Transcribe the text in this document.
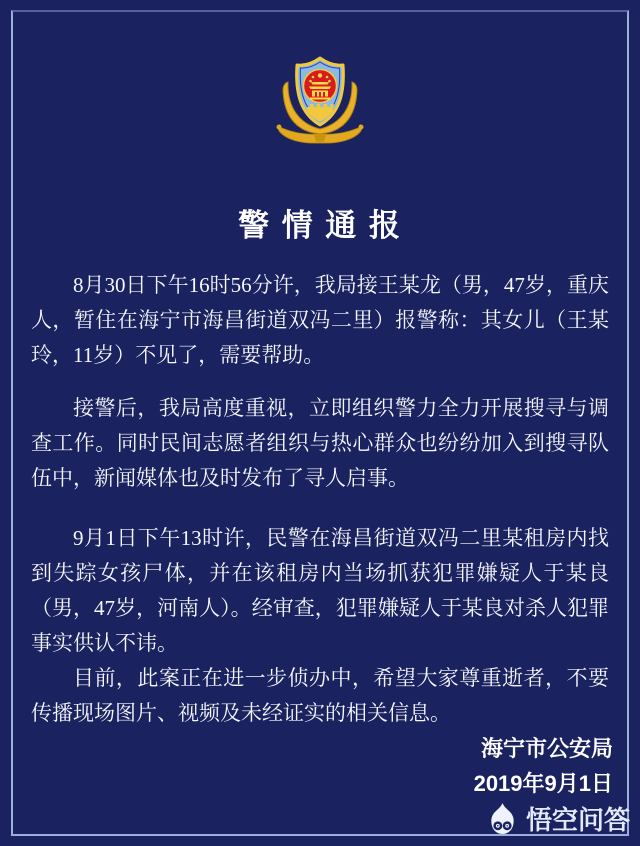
警 情 通 报

8月30日下午16时56分许，我局接王某龙（男，47岁，重庆人，暂住在海宁市海昌街道双冯二里）报警称：其女儿（王某玲，11岁）不见了，需要帮助。

接警后，我局高度重视，立即组织警力全力开展搜寻与调查工作。同时民间志愿者组织与热心群众也纷纷加入到搜寻队伍中，新闻媒体也及时发布了寻人启事。

9月1日下午13时许，民警在海昌街道双冯二里某租房内找到失踪女孩尸体，并在该租房内当场抓获犯罪嫌疑人于某良（男，47岁，河南人）。经审查，犯罪嫌疑人于某良对杀人犯罪事实供认不讳。

目前，此案正在进一步侦办中，希望大家尊重逝者，不要传播现场图片、视频及未经证实的相关信息。

海宁市公安局
2019年9月1日
悟空问答
